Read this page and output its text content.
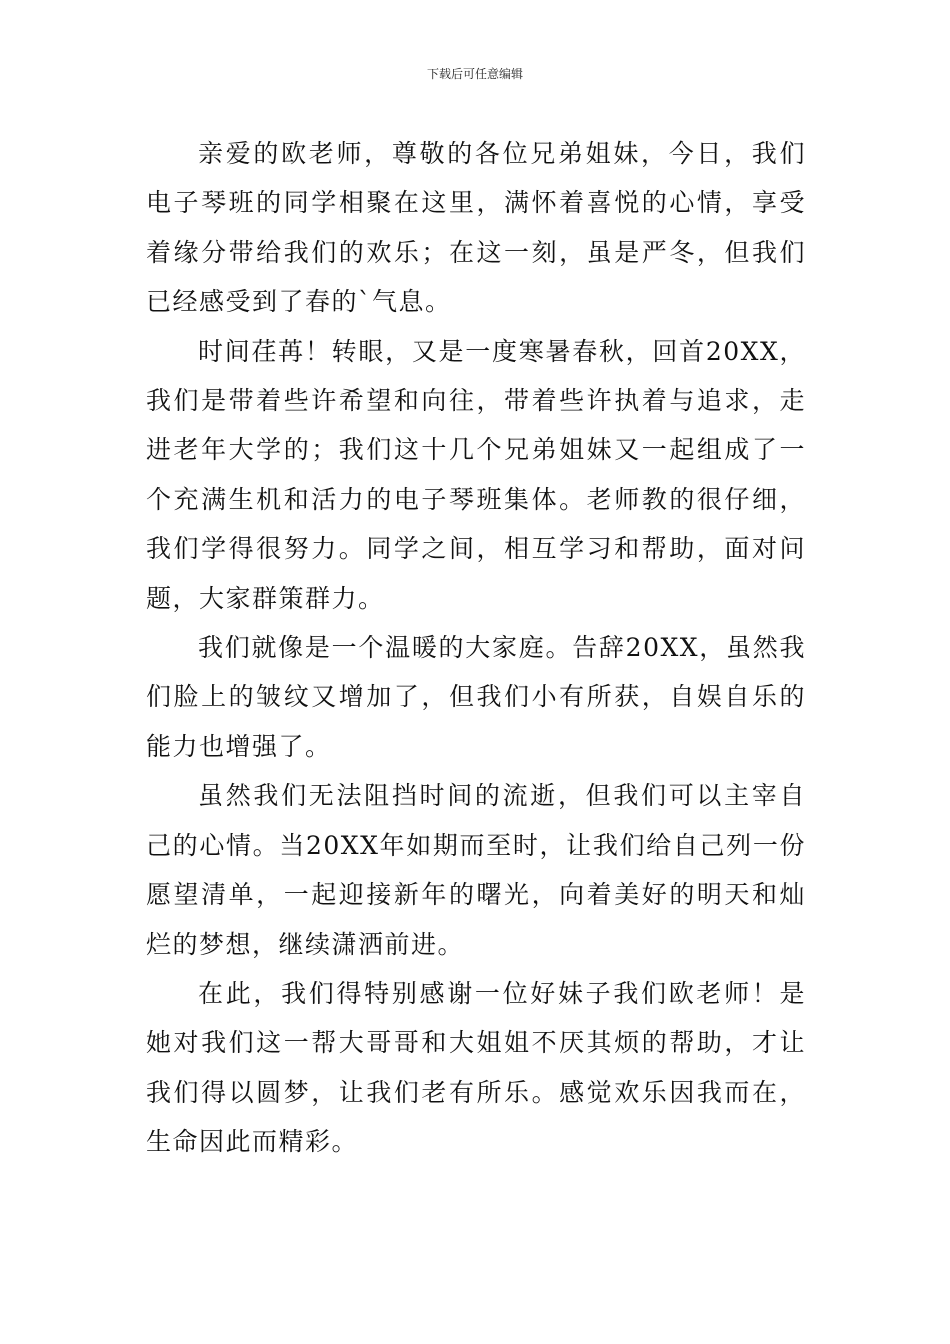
下载后可任意编辑

亲爱的欧老师，尊敬的各位兄弟姐妹，今日，我们电子琴班的同学相聚在这里，满怀着喜悦的心情，享受着缘分带给我们的欢乐；在这一刻，虽是严冬，但我们已经感受到了春的`气息。

时间荏苒！转眼，又是一度寒暑春秋，回首20XX，我们是带着些许希望和向往，带着些许执着与追求，走进老年大学的；我们这十几个兄弟姐妹又一起组成了一个充满生机和活力的电子琴班集体。老师教的很仔细，我们学得很努力。同学之间，相互学习和帮助，面对问题，大家群策群力。

我们就像是一个温暖的大家庭。告辞20XX，虽然我们脸上的皱纹又增加了，但我们小有所获，自娱自乐的能力也增强了。

虽然我们无法阻挡时间的流逝，但我们可以主宰自己的心情。当20XX年如期而至时，让我们给自己列一份愿望清单，一起迎接新年的曙光，向着美好的明天和灿烂的梦想，继续潇洒前进。

在此，我们得特别感谢一位好妹子我们欧老师！是她对我们这一帮大哥哥和大姐姐不厌其烦的帮助，才让我们得以圆梦，让我们老有所乐。感觉欢乐因我而在，生命因此而精彩。
